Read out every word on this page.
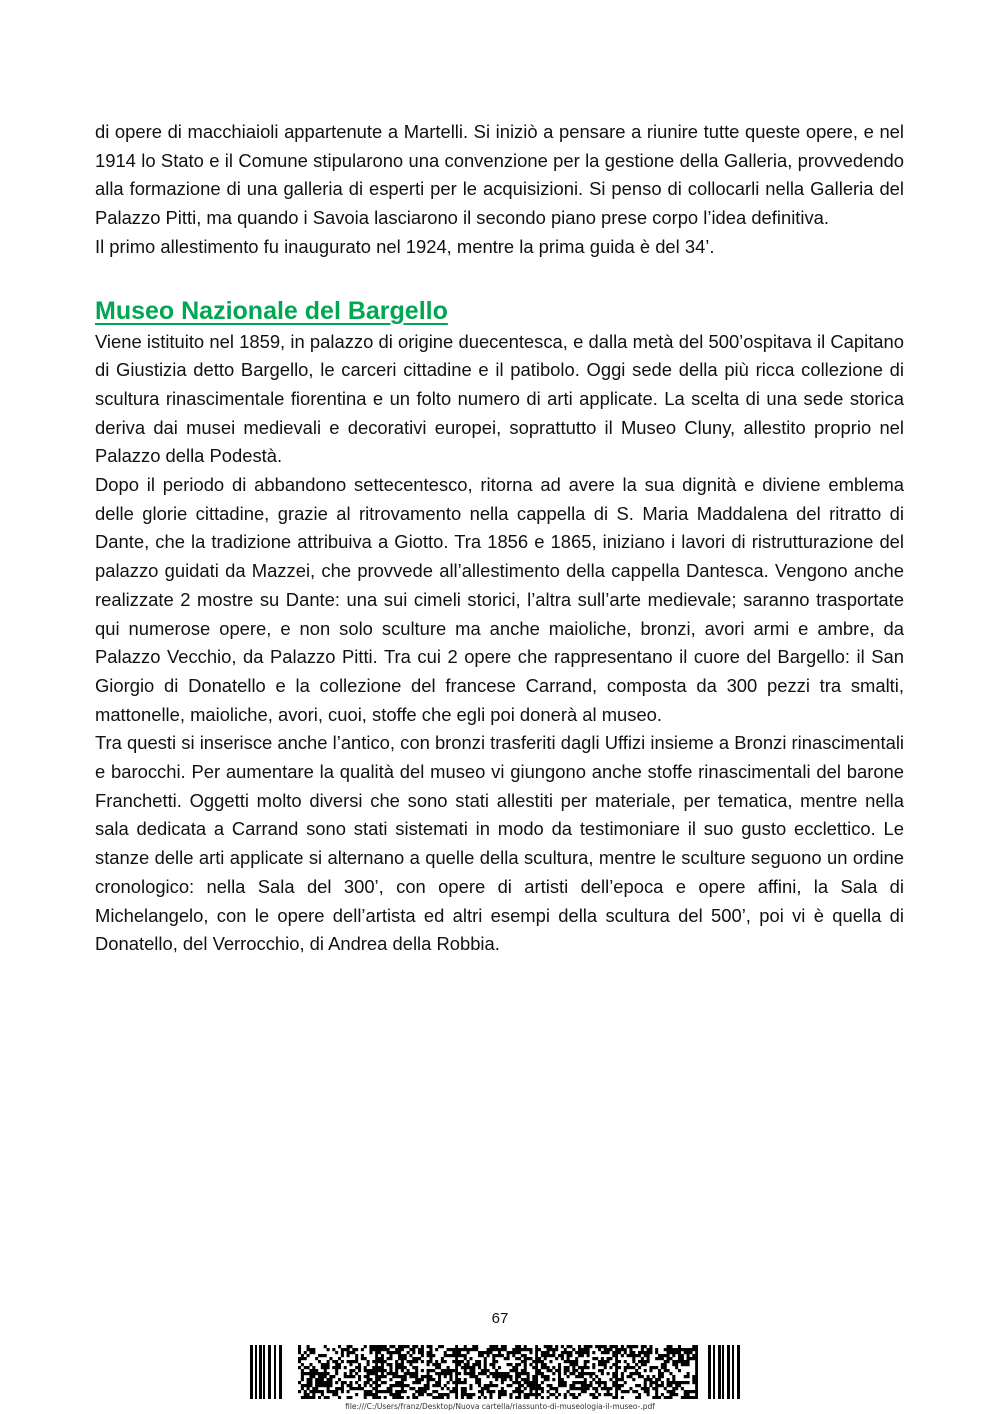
di opere di macchiaioli appartenute a Martelli. Si iniziò a pensare a riunire tutte queste opere, e nel 1914 lo Stato e il Comune stipularono una convenzione per la gestione della Galleria, provvedendo alla formazione di una galleria di esperti per le acquisizioni. Si penso di collocarli nella Galleria del Palazzo Pitti, ma quando i Savoia lasciarono il secondo piano prese corpo l’idea definitiva.

Il primo allestimento fu inaugurato nel 1924, mentre la prima guida è del 34’.

Museo Nazionale del Bargello

Viene istituito nel 1859, in palazzo di origine duecentesca, e dalla metà del 500’ospitava il Capitano di Giustizia detto Bargello, le carceri cittadine e il patibolo. Oggi sede della più ricca collezione di scultura rinascimentale fiorentina e un folto numero di arti applicate. La scelta di una sede storica deriva dai musei medievali e decorativi europei, soprattutto il Museo Cluny, allestito proprio nel Palazzo della Podestà.

Dopo il periodo di abbandono settecentesco, ritorna ad avere la sua dignità e diviene emblema delle glorie cittadine, grazie al ritrovamento nella cappella di S. Maria Maddalena del ritratto di Dante, che la tradizione attribuiva a Giotto. Tra 1856 e 1865, iniziano i lavori di ristrutturazione del palazzo guidati da Mazzei, che provvede all’allestimento della cappella Dantesca. Vengono anche realizzate 2 mostre su Dante: una sui cimeli storici, l’altra sull’arte medievale; saranno trasportate qui numerose opere, e non solo sculture ma anche maioliche, bronzi, avori armi e ambre, da Palazzo Vecchio, da Palazzo Pitti. Tra cui 2 opere che rappresentano il cuore del Bargello: il San Giorgio di Donatello e la collezione del francese Carrand, composta da 300 pezzi tra smalti, mattonelle, maioliche, avori, cuoi, stoffe che egli poi donerà al museo.

Tra questi si inserisce anche l’antico, con bronzi trasferiti dagli Uffizi insieme a Bronzi rinascimentali e barocchi. Per aumentare la qualità del museo vi giungono anche stoffe rinascimentali del barone Franchetti. Oggetti molto diversi che sono stati allestiti per materiale, per tematica, mentre nella sala dedicata a Carrand sono stati sistemati in modo da testimoniare il suo gusto ecclettico. Le stanze delle arti applicate si alternano a quelle della scultura, mentre le sculture seguono un ordine cronologico: nella Sala del 300’, con opere di artisti dell’epoca e opere affini, la Sala di Michelangelo, con le opere dell’artista ed altri esempi della scultura del 500’, poi vi è quella di Donatello, del Verrocchio, di Andrea della Robbia.

67
file:///C:/Users/franz/Desktop/Nuova cartella/riassunto-di-museologia-il-museo-.pdf
